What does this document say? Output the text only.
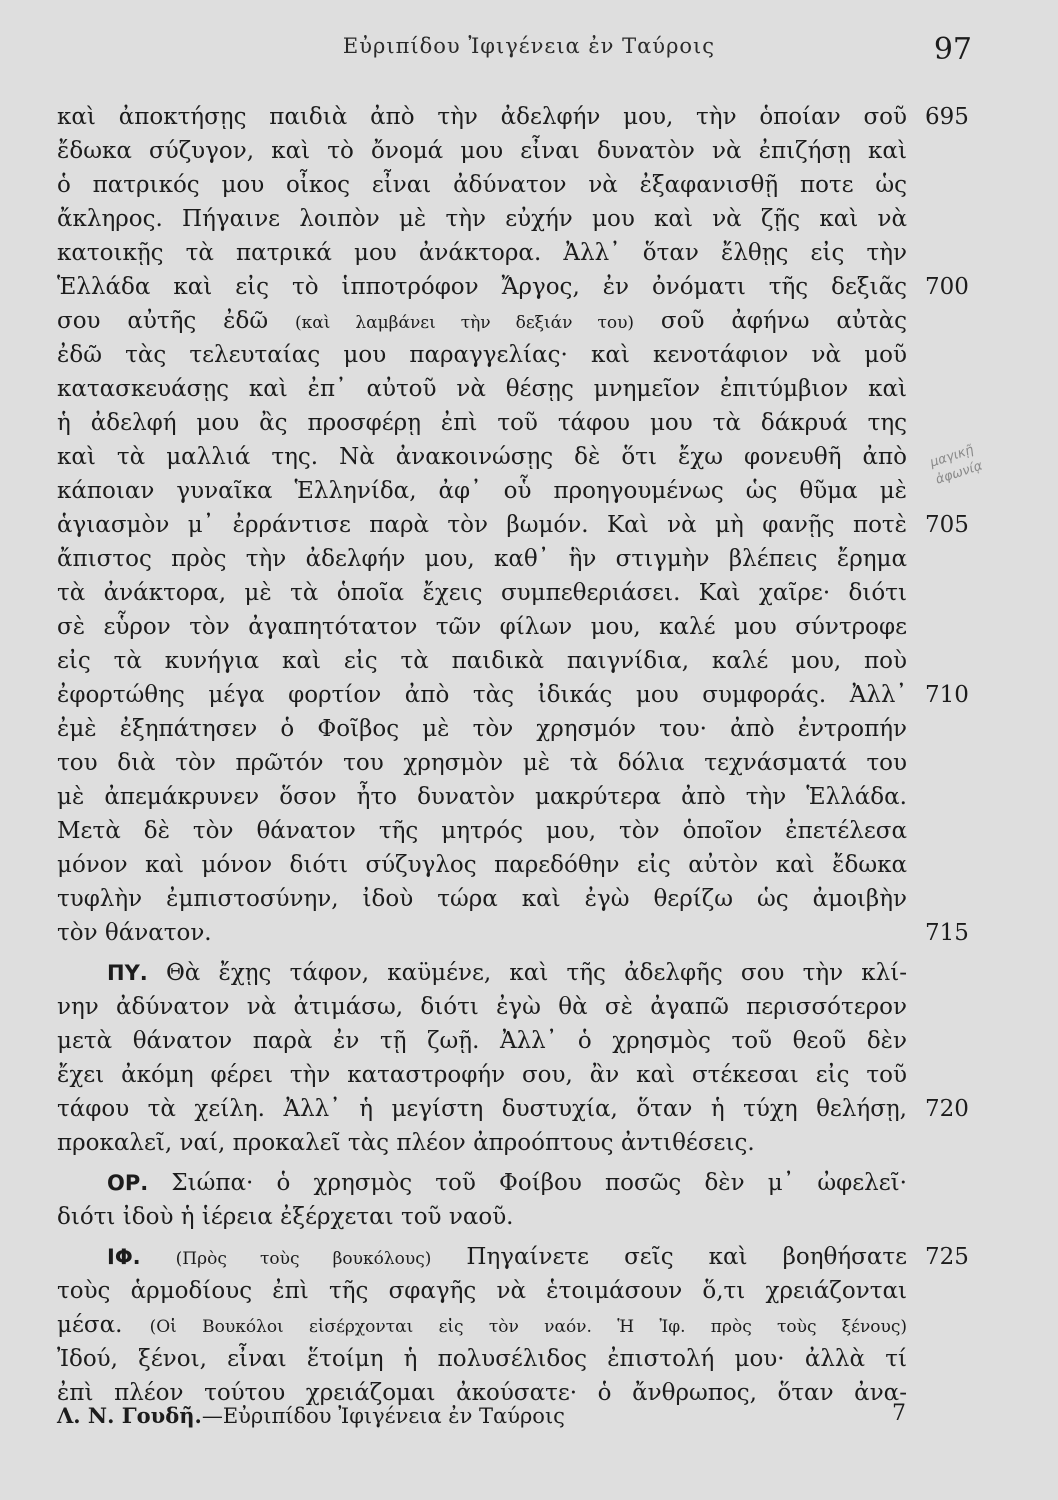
Εὐριπίδου Ἰφιγένεια ἐν Ταύροις	97
καὶ ἀποκτήσῃς παιδιὰ ἀπὸ τὴν ἀδελφήν μου, τὴν ὁποίαν σοῦ
ἔδωκα σύζυγον, καὶ τὸ ὄνομά μου εἶναι δυνατὸν νὰ ἐπιζήσῃ καὶ
ὁ πατρικός μου οἶκος εἶναι ἀδύνατον νὰ ἐξαφανισθῇ ποτε ὡς
ἄκληρος. Πήγαινε λοιπὸν μὲ τὴν εὐχήν μου καὶ νὰ ζῇς καὶ νὰ
κατοικῇς τὰ πατρικά μου ἀνάκτορα. Ἀλλ᾽ ὅταν ἔλθῃς εἰς τὴν
Ἑλλάδα καὶ εἰς τὸ ἱπποτρόφον Ἄργος, ἐν ὀνόματι τῆς δεξιᾶς
σου αὐτῆς ἐδῶ (καὶ λαμβάνει τὴν δεξιάν του) σοῦ ἀφήνω αὐτὰς
ἐδῶ τὰς τελευταίας μου παραγγελίας· καὶ κενοτάφιον νὰ μοῦ
κατασκευάσῃς καὶ ἐπ᾽ αὐτοῦ νὰ θέσῃς μνημεῖον ἐπιτύμβιον καὶ
ἡ ἀδελφή μου ἂς προσφέρῃ ἐπὶ τοῦ τάφου μου τὰ δάκρυά της
καὶ τὰ μαλλιά της. Νὰ ἀνακοινώσῃς δὲ ὅτι ἔχω φονευθῆ ἀπὸ
κάποιαν γυναῖκα Ἑλληνίδα, ἀφ᾽ οὗ προηγουμένως ὡς θῦμα μὲ
ἁγιασμὸν μ᾽ ἐρράντισε παρὰ τὸν βωμόν. Καὶ νὰ μὴ φανῇς ποτὲ
ἄπιστος πρὸς τὴν ἀδελφήν μου, καθ᾽ ἣν στιγμὴν βλέπεις ἔρημα
τὰ ἀνάκτορα, μὲ τὰ ὁποῖα ἔχεις συμπεθεριάσει. Καὶ χαῖρε· διότι
σὲ εὗρον τὸν ἀγαπητότατον τῶν φίλων μου, καλέ μου σύντροφε
εἰς τὰ κυνήγια καὶ εἰς τὰ παιδικὰ παιγνίδια, καλέ μου, ποὺ
ἐφορτώθης μέγα φορτίον ἀπὸ τὰς ἰδικάς μου συμφοράς. Ἀλλ᾽
ἐμὲ ἐξηπάτησεν ὁ Φοῖβος μὲ τὸν χρησμόν του· ἀπὸ ἐντροπήν
του διὰ τὸν πρῶτόν του χρησμὸν μὲ τὰ δόλια τεχνάσματά του
μὲ ἀπεμάκρυνεν ὅσον ἦτο δυνατὸν μακρύτερα ἀπὸ τὴν Ἑλλάδα.
Μετὰ δὲ τὸν θάνατον τῆς μητρός μου, τὸν ὁποῖον ἐπετέλεσα
μόνον καὶ μόνον διότι σύζυγλος παρεδόθην εἰς αὐτὸν καὶ ἔδωκα
τυφλὴν ἐμπιστοσύνην, ἰδοὺ τώρα καὶ ἐγὼ θερίζω ὡς ἀμοιβὴν
τὸν θάνατον.
ΠΥ. Θὰ ἔχῃς τάφον, καϋμένε, καὶ τῆς ἀδελφῆς σου τὴν κλί-
νην ἀδύνατον νὰ ἀτιμάσω, διότι ἐγὼ θὰ σὲ ἀγαπῶ περισσότερον
μετὰ θάνατον παρὰ ἐν τῇ ζωῇ. Ἀλλ᾽ ὁ χρησμὸς τοῦ θεοῦ δὲν
ἔχει ἀκόμη φέρει τὴν καταστροφήν σου, ἂν καὶ στέκεσαι εἰς τοῦ
τάφου τὰ χείλη. Ἀλλ᾽ ἡ μεγίστη δυστυχία, ὅταν ἡ τύχη θελήσῃ,
προκαλεῖ, ναί, προκαλεῖ τὰς πλέον ἀπροόπτους ἀντιθέσεις.
ΟΡ. Σιώπα· ὁ χρησμὸς τοῦ Φοίβου ποσῶς δὲν μ᾽ ὠφελεῖ·
διότι ἰδοὺ ἡ ἱέρεια ἐξέρχεται τοῦ ναοῦ.
ΙΦ. (Πρὸς τοὺς βουκόλους) Πηγαίνετε σεῖς καὶ βοηθήσατε
τοὺς ἁρμοδίους ἐπὶ τῆς σφαγῆς νὰ ἑτοιμάσουν ὅ,τι χρειάζονται
μέσα. (Οἱ Βουκόλοι εἰσέρχονται εἰς τὸν ναόν. Ἡ Ἰφ. πρὸς τοὺς ξένους)
Ἰδού, ξένοι, εἶναι ἕτοίμη ἡ πολυσέλιδος ἐπιστολή μου· ἀλλὰ τί
ἐπὶ πλέον τούτου χρειάζομαι ἀκούσατε· ὁ ἄνθρωπος, ὅταν ἀνα-
695
700
705
710
715
720
725
μαγικῇ ἀφωνίᾳ
Λ. Ν. Γουδῆ.—Εὐριπίδου Ἰφιγένεια ἐν Ταύροις	7
